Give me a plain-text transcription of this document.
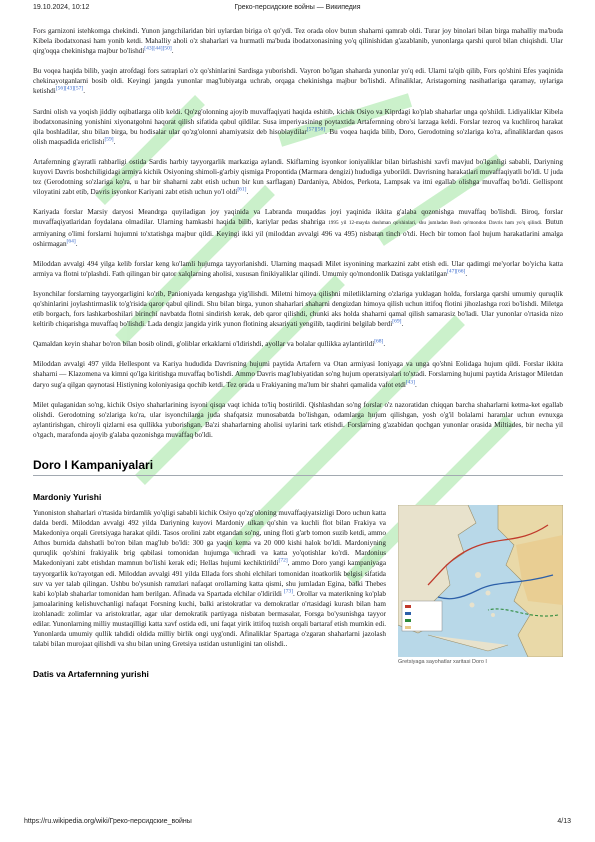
19.10.2024, 10:12	Греко-персидские войны — Википедия

Fors garnizoni istehkomga chekindi. Yunon jangchilaridan biri uylardan biriga o't qo'ydi. Tez orada olov butun shaharni qamrab oldi. Turar joy binolari bilan birga mahalliy ma'buda Kibela ibodatxonasi ham yonib ketdi. Mahalliy aholi o'z shaharlari va hurmatli ma'buda ibodatxonasining yo'q qilinishidan g'azablanib, yunonlarga qarshi qurol bilan chiqishdi. Ular qirg'oqqa chekinishga majbur bo'lishdi[43][44][50].

Bu voqea haqida bilib, yaqin atrofdagi fors satraplari o'z qo'shinlarini Sardisga yuborishdi. Vayron bo'lgan shaharda yunonlar yo'q edi. Ularni ta'qib qilib, Fors qo'shini Efes yaqinida chekinayotganlarni bosib oldi. Keyingi jangda yunonlar mag'lubiyatga uchrab, orqaga chekinishga majbur bo'lishdi. Afinaliklar, Aristagorning nasihatlariga qaramay, uylariga ketishdi[56][43][57].

Sardni olish va yoqish jiddiy oqibatlarga olib keldi. Qo'zg'olonning ajoyib muvaffaqiyati haqida eshitib, kichik Osiyo va Kiprdagi ko'plab shaharlar unga qo'shildi. Lidiyaliklar Kibela ibodatxonasining yonishini xiyonatgohni haqorat qilish sifatida qabul qildilar. Susa imperiyasining poytaxtida Artafernning obro'si larzaga keldi. Forslar tezroq va kuchliroq harakat qila boshladilar, shu bilan birga, bu hodisalar ular qo'zg'olonni ahamiyatsiz deb hisoblaydilar[57][58]. Bu voqea haqida bilib, Doro, Gerodotning so'zlariga ko'ra, afinaliklardan qasos olish maqsadida ericlishi[59].

Artafernning g'ayratli rahbarligi ostida Sardis harbiy tayyorgarlik markaziga aylandi. Skiflarning isyonkor ioniyaliklar bilan birlashishi xavfi mavjud bo'lganligi sababli, Dariyning kuyovi Davris boshchiligidagi armiya kichik Osiyoning shimoli-g'arbiy qismiga Propontida (Marmara dengizi) hududiga yuborildi. Davrisning harakatlari muvaffaqiyatli bo'ldi. U juda tez (Gerodotning so'zlariga ko'ra, u har bir shaharni zabt etish uchun bir kun sarflagan) Dardaniya, Abidos, Perkota, Lampsak va itni egallab olishga muvaffaq bo'ldi. Gellispont viloyatini zabt etib, Davris isyonkor Kariyani zabt etish uchun yo'l oldi[61].

Kariyada forslar Marsiy daryosi Meandrga quyiladigan joy yaqinida va Labranda muqaddas joyi yaqinida ikkita g'alaba qozonishga muvaffaq bo'lishdi. Biroq, forslar muvaffaqiyatlaridan foydalana olmadilar. Ularning hamkasbi haqida bilib, kariylar pedas shahriga 1995 yil 12-mayda dushman qo'shinlari, shu jumladan Bosh qo'mondon Davris ham yo'q qilindi. Butun armiyaning o'limi forslarni hujumni to'xtatishga majbur qildi. Keyingi ikki yil (miloddan avvalgi 496 va 495) nisbatan tinch o'tdi. Hech bir tomon faol hujum harakatlarini amalga oshirmagan[64].

Miloddan avvalgi 494 yilga kelib forslar keng ko'lamli hujumga tayyorlanishdi. Ularning maqsadi Milet isyonining markazini zabt etish edi. Ular qadimgi me'yorlar bo'yicha katta armiya va flotni to'plashdi. Fath qilingan bir qator xalqlarning aholisi, xususan finikiyaliklar qilindi. Umumiy qo'mondonlik Datisga yuklatilgan[47][66].

Isyonchilar forslarning tayyorgarligini ko'rib, Panioniyada kengashga yig'ilishdi. Miletni himoya qilishni miletliklarning o'zlariga yuklagan holda, forslarga qarshi umumiy quruqlik qo'shinlarini joylashtirmaslik to'g'risida qaror qabul qilindi. Shu bilan birga, yunon shaharlari shaharni dengizdan himoya qilish uchun ittifoq flotini jihozlashga rozi bo'lishdi. Miletga etib borgach, fors lashkarboshilari birinchi navbatda flotni sindirish kerak, deb qaror qilishdi, chunki aks holda shaharni qamal qilish samarasiz bo'ladi. Ular yunonlar o'rtasida nizo keltirib chiqarishga muvaffaq bo'lishdi. Lada dengiz jangida yirik yunon flotining aksariyati yengilib, taqdirini belgilab berdi[69].

Qamaldan keyin shahar bo'ron bilan bosib olindi, g'oliblar erkaklarni o'ldirishdi, ayollar va bolalar qullikka aylantirildi[68].

Miloddan avvalgi 497 yilda Hellespont va Kariya hududida Davrisning hujumi paytida Artafern va Otan armiyasi Ioniyaga va unga qo'shni Eolidaga hujum qildi. Forslar ikkita shaharni — Klazomena va kimni qo'lga kiritishga muvaffaq bo'lishdi. Ammo Davris mag'lubiyatidan so'ng hujum operatsiyalari to'xtadi. Forslarning hujumi paytida Aristagor Miletdan daryo sug'a qilgan qaynotasi Histiyning koloniyasiga qochib ketdi. Tez orada u Frakiyaning ma'lum bir shahri qamalida vafot etdi[43].

Milet qulaganidan so'ng, kichik Osiyo shaharlarining isyoni qisqa vaqt ichida to'liq bostirildi. Qishlashdan so'ng forslar o'z nazoratidan chiqqan barcha shaharlarni ketma-ket egallab olishdi. Gerodotning so'zlariga ko'ra, ular isyonchilarga juda shafqatsiz munosabatda bo'lishgan, odamlarga hujum qilishgan, yosh o'g'il bolalarni haramlar uchun evnuxga aylantirishgan, chiroyli qizlarni esa qullikka yuborishgan. Ba'zi shaharlarning aholisi uylarini tark etishdi. Forslarning g'azabidan qochgan yunonlar orasida Miltiades, bir necha yil o'tgach, marafonda ajoyib g'alaba qozonishga muvaffaq bo'ldi.

Doro I Kampaniyalari
Mardoniy Yurishi
Gretsiyaga sayohatlar xaritasi Doro I

Yunoniston shaharlari o'rtasida birdamlik yo'qligi sababli kichik Osiyo qo'zg'oloning muvaffaqiyatsizligi Doro uchun katta dalda berdi. Miloddan avvalgi 492 yilda Dariyning kuyovi Mardoniy ulkan qo'shin va kuchli flot bilan Frakiya va Makedoniya orqali Gretsiyaga harakat qildi. Tasos orolini zabt etgandan so'ng, uning floti g'arb tomon suzib ketdi, ammo Athos burnida dahshatli bo'ron bilan mag'lub bo'ldi: 300 ga yaqin kema va 20 000 kishi halok bo'ldi. Mardoniyning quruqlik qo'shini frakiyalik brig qabilasi tomonidan hujumga uchradi va katta yo'qotishlar ko'rdi. Mardonius Makedoniyani zabt etishdan mamnun bo'lishi kerak edi; Hellas hujumi kechiktirildi[72], ammo Doro yangi kampaniyaga tayyorgarlik ko'rayotgan edi. Miloddan avvalgi 491 yilda Ellada fors shohi elchilari tomonidan itoatkorlik belgisi sifatida suv va yer talab qilingan. Ushbu bo'ysunish ramzlari nafaqat orollarning katta qismi, shu jumladan Egina, balki Thebes kabi ko'plab shaharlar tomonidan ham berilgan. Afinada va Spartada elchilar o'ldirildi [73]. Orollar va materikning ko'plab jamoalarining kelishuvchanligi nafaqat Forsning kuchi, balki aristokratlar va demokratlar o'rtasidagi kurash bilan ham izohlanadi: zolimlar va aristokratlar, agar ular demokratik partiyaga nisbatan bermasalar, Forsga bo'ysunishga tayyor edilar. Yunonlarning milliy mustaqilligi katta xavf ostida edi, uni faqat yirik ittifoq tuzish orqali bartaraf etish mumkin edi. Yunonlarda umumiy qullik tahdidi oldida milliy birlik ongi uyg'ondi. Afinaliklar Spartaga o'zgaran shaharlarni jazolash talabi bilan murojaat qilishdi va shu bilan uning Gretsiya ustidan ustunligini tan olishdi..

Datis va Artafernning yurishi
https://ru.wikipedia.org/wiki/Греко-персидские_войны	4/13
